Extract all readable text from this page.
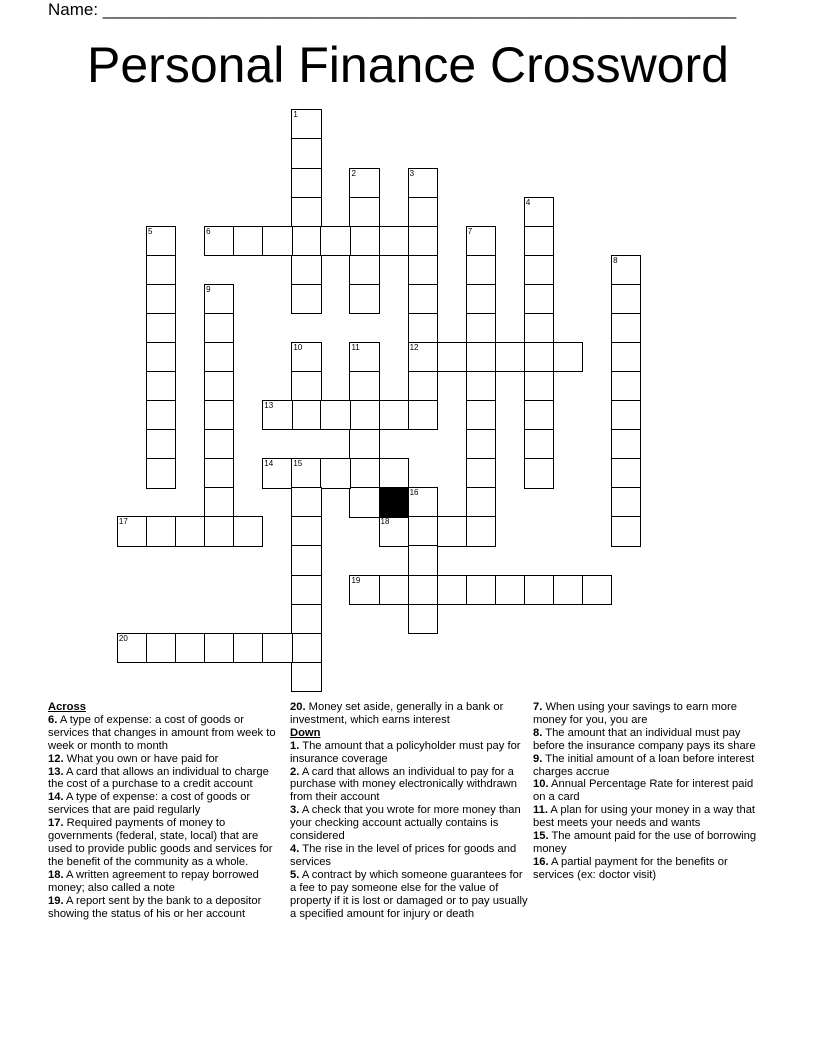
Name: ___________________________________________________________________
Personal Finance Crossword
1
2	3
12
4
5	6	7
8
9
10	11
13
14	15
16
17	18
19
20
Across
6. A type of expense: a cost of goods or services that changes in amount from week to week or month to month
12. What you own or have paid for
13. A card that allows an individual to charge the cost of a purchase to a credit account
14. A type of expense: a cost of goods or services that are paid regularly
17. Required payments of money to governments (federal, state, local) that are used to provide public goods and services for the benefit of the community as a whole.
18. A written agreement to repay borrowed money; also called a note
19. A report sent by the bank to a depositor showing the status of his or her account
20. Money set aside, generally in a bank or investment, which earns interest
Down
1. The amount that a policyholder must pay for insurance coverage
2. A card that allows an individual to pay for a purchase with money electronically withdrawn from their account
3. A check that you wrote for more money than your checking account actually contains is considered
4. The rise in the level of prices for goods and services
5. A contract by which someone guarantees for a fee to pay someone else for the value of property if it is lost or damaged or to pay usually a specified amount for injury or death
7. When using your savings to earn more money for you, you are
8. The amount that an individual must pay before the insurance company pays its share
9. The initial amount of a loan before interest charges accrue
10. Annual Percentage Rate for interest paid on a card
11. A plan for using your money in a way that best meets your needs and wants
15. The amount paid for the use of borrowing money
16. A partial payment for the benefits or services (ex: doctor visit)
